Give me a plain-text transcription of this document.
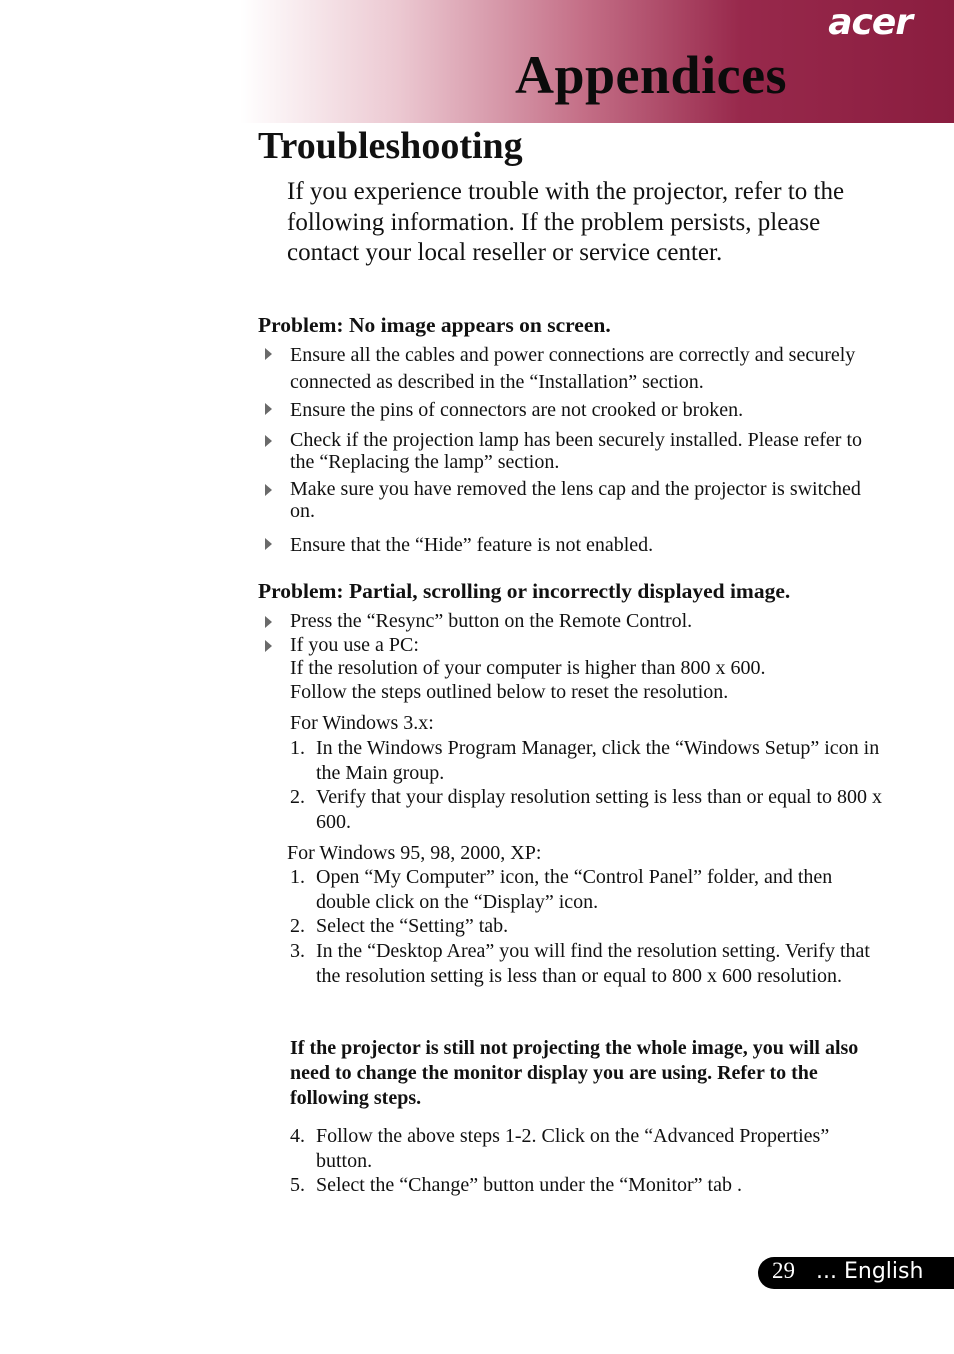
acer
Appendices
Troubleshooting
If you experience trouble with the projector, refer to the following information. If the problem persists, please contact your local reseller or service center.
Problem: No image appears on screen.
Ensure all the cables and power connections are correctly and securely connected as described in the “Installation” section.
Ensure the pins of connectors are not crooked or broken.
Check if the projection lamp has been securely installed. Please refer to the “Replacing the lamp” section.
Make sure you have removed the lens cap and the projector is switched on.
Ensure that the “Hide” feature is not enabled.
Problem: Partial, scrolling or incorrectly displayed image.
Press the “Resync” button on the Remote Control.
If you use a PC:
If the resolution of your computer is higher than 800 x 600.
Follow the steps outlined below to reset the resolution.
For Windows 3.x:
1. In the Windows Program Manager, click the “Windows Setup” icon in the Main group.
2. Verify that your display resolution setting is less than or equal to 800 x 600.
For Windows 95, 98, 2000, XP:
1. Open “My Computer” icon, the “Control Panel” folder, and then double click on the “Display” icon.
2. Select the “Setting” tab.
3. In the “Desktop Area” you will find the resolution setting. Verify that the resolution setting is less than or equal to 800 x 600 resolution.
If the projector is still not projecting the whole image, you will also need to change the monitor display you are using. Refer to the following steps.
4. Follow the above steps 1-2. Click on the “Advanced Properties” button.
5. Select the “Change” button under the “Monitor” tab .
29 ... English
